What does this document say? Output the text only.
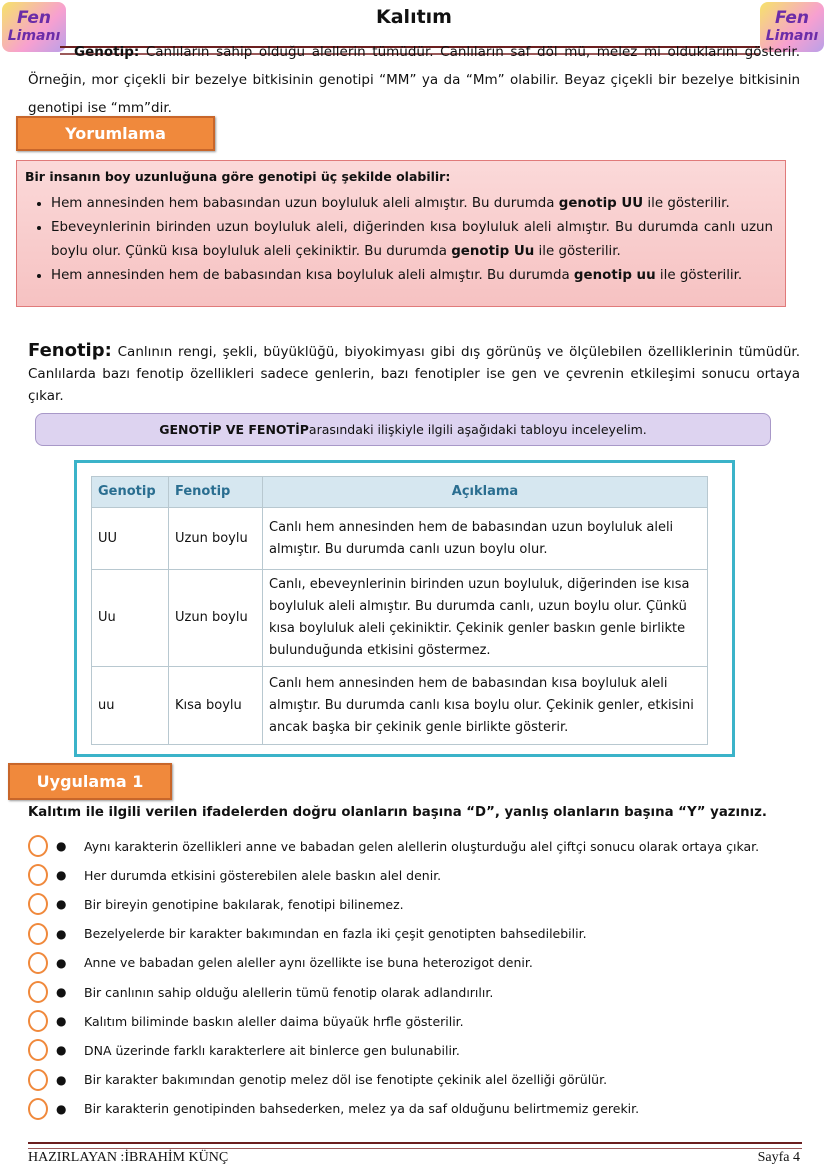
Fen
Limanı
Fen
Limanı
Kalıtım
Genotip: Canlıların sahip olduğu alellerin tümüdür. Canlıların saf döl mü, melez mi olduklarını gösterir. Örneğin, mor çiçekli bir bezelye bitkisinin genotipi “MM” ya da “Mm” olabilir. Beyaz çiçekli bir bezelye bitkisinin genotipi ise “mm”dir.
Yorumlama
Bir insanın boy uzunluğuna göre genotipi üç şekilde olabilir:
• Hem annesinden hem babasından uzun boyluluk aleli almıştır. Bu durumda genotip UU ile gösterilir.
• Ebeveynlerinin birinden uzun boyluluk aleli, diğerinden kısa boyluluk aleli almıştır. Bu durumda canlı uzun boylu olur. Çünkü kısa boyluluk aleli çekiniktir. Bu durumda genotip Uu ile gösterilir.
• Hem annesinden hem de babasından kısa boyluluk aleli almıştır. Bu durumda genotip uu ile gösterilir.
Fenotip: Canlının rengi, şekli, büyüklüğü, biyokimyası gibi dış görünüş ve ölçülebilen özelliklerinin tümüdür. Canlılarda bazı fenotip özellikleri sadece genlerin, bazı fenotipler ise gen ve çevrenin etkileşimi sonucu ortaya çıkar.
GENOTİP VE FENOTİP arasındaki ilişkiyle ilgili aşağıdaki tabloyu inceleyelim.
Genotip	Fenotip	Açıklama
UU	Uzun boylu	Canlı hem annesinden hem de babasından uzun boyluluk aleli almıştır. Bu durumda canlı uzun boylu olur.
Uu	Uzun boylu	Canlı, ebeveynlerinin birinden uzun boyluluk, diğerinden ise kısa boyluluk aleli almıştır. Bu durumda canlı, uzun boylu olur. Çünkü kısa boyluluk aleli çekiniktir. Çekinik genler baskın genle birlikte bulunduğunda etkisini göstermez.
uu	Kısa boylu	Canlı hem annesinden hem de babasından kısa boyluluk aleli almıştır. Bu durumda canlı kısa boylu olur. Çekinik genler, etkisini ancak başka bir çekinik genle birlikte gösterir.
Uygulama 1
Kalıtım ile ilgili verilen ifadelerden doğru olanların başına “D”, yanlış olanların başına “Y” yazınız.
HAZIRLAYAN :İBRAHİM KÜNÇ	Sayfa 4
●	Aynı karakterin özellikleri anne ve babadan gelen alellerin oluşturduğu alel çiftçi sonucu olarak ortaya çıkar.
●	Her durumda etkisini gösterebilen alele baskın alel denir.
●	Bir bireyin genotipine bakılarak, fenotipi bilinemez.
●	Bezelyelerde bir karakter bakımından en fazla iki çeşit genotipten bahsedilebilir.
●	Anne ve babadan gelen aleller aynı özellikte ise buna heterozigot denir.
●	Bir canlının sahip olduğu alellerin tümü fenotip olarak adlandırılır.
●	Kalıtım biliminde baskın aleller daima büyaük hrfle gösterilir.
●	DNA üzerinde farklı karakterlere ait binlerce gen bulunabilir.
●	Bir karakter bakımından genotip melez döl ise fenotipte çekinik alel özelliği görülür.
●	Bir karakterin genotipinden bahsederken, melez ya da saf olduğunu belirtmemiz gerekir.
